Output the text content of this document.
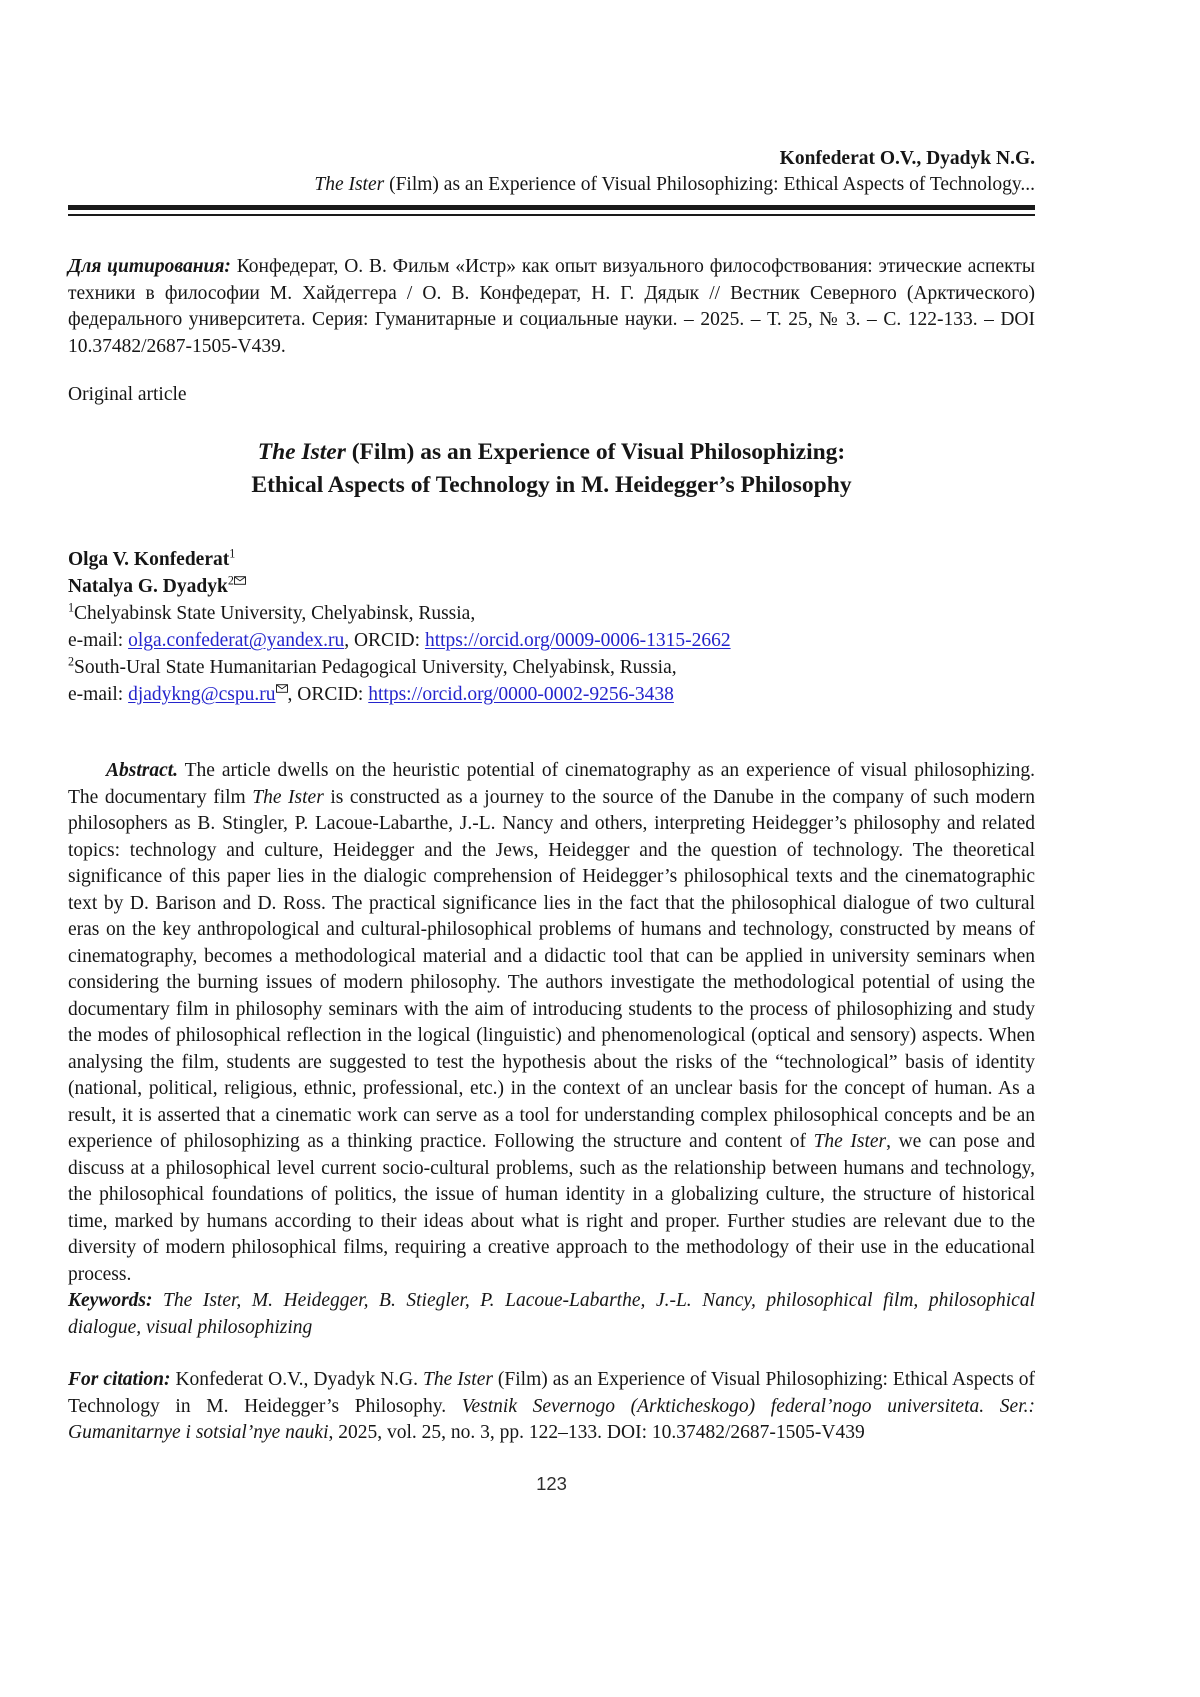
Konfederat O.V., Dyadyk N.G.
The Ister (Film) as an Experience of Visual Philosophizing: Ethical Aspects of Technology...

Для цитирования: Конфедерат, О. В. Фильм «Истр» как опыт визуального философствования: этические аспекты техники в философии М. Хайдеггера / О. В. Конфедерат, Н. Г. Дядык // Вестник Северного (Арктического) федерального университета. Серия: Гуманитарные и социальные науки. – 2025. – Т. 25, № 3. – С. 122-133. – DOI 10.37482/2687-1505-V439.

Original article

The Ister (Film) as an Experience of Visual Philosophizing:
Ethical Aspects of Technology in M. Heidegger’s Philosophy

Olga V. Konfederat$^1$

Natalya G. Dyadyk$^2$

$^1$Chelyabinsk State University, Chelyabinsk, Russia,

e-mail: olga.confederat@yandex.ru, ORCID: https://orcid.org/0009-0006-1315-2662

$^2$South-Ural State Humanitarian Pedagogical University, Chelyabinsk, Russia,

e-mail: djadykng@cspu.ru , ORCID: https://orcid.org/0000-0002-9256-3438

Abstract. The article dwells on the heuristic potential of cinematography as an experience of visual philosophizing. The documentary film The Ister is constructed as a journey to the source of the Danube in the company of such modern philosophers as B. Stingler, P. Lacoue-Labarthe, J.-L. Nancy and others, interpreting Heidegger’s philosophy and related topics: technology and culture, Heidegger and the Jews, Heidegger and the question of technology. The theoretical significance of this paper lies in the dialogic comprehension of Heidegger’s philosophical texts and the cinematographic text by D. Barison and D. Ross. The practical significance lies in the fact that the philosophical dialogue of two cultural eras on the key anthropological and cultural-philosophical problems of humans and technology, constructed by means of cinematography, becomes a methodological material and a didactic tool that can be applied in university seminars when considering the burning issues of modern philosophy. The authors investigate the methodological potential of using the documentary film in philosophy seminars with the aim of introducing students to the process of philosophizing and study the modes of philosophical reflection in the logical (linguistic) and phenomenological (optical and sensory) aspects. When analysing the film, students are suggested to test the hypothesis about the risks of the “technological” basis of identity (national, political, religious, ethnic, professional, etc.) in the context of an unclear basis for the concept of human. As a result, it is asserted that a cinematic work can serve as a tool for understanding complex philosophical concepts and be an experience of philosophizing as a thinking practice. Following the structure and content of The Ister, we can pose and discuss at a philosophical level current socio-cultural problems, such as the relationship between humans and technology, the philosophical foundations of politics, the issue of human identity in a globalizing culture, the structure of historical time, marked by humans according to their ideas about what is right and proper. Further studies are relevant due to the diversity of modern philosophical films, requiring a creative approach to the methodology of their use in the educational process.

Keywords: The Ister, M. Heidegger, B. Stiegler, P. Lacoue-Labarthe, J.-L. Nancy, philosophical film, philosophical dialogue, visual philosophizing

For citation: Konfederat O.V., Dyadyk N.G. The Ister (Film) as an Experience of Visual Philosophizing: Ethical Aspects of Technology in M. Heidegger’s Philosophy. Vestnik Severnogo (Arkticheskogo) federal’nogo universiteta. Ser.: Gumanitarnye i sotsial’nye nauki, 2025, vol. 25, no. 3, pp. 122–133. DOI: 10.37482/2687-1505-V439

123
